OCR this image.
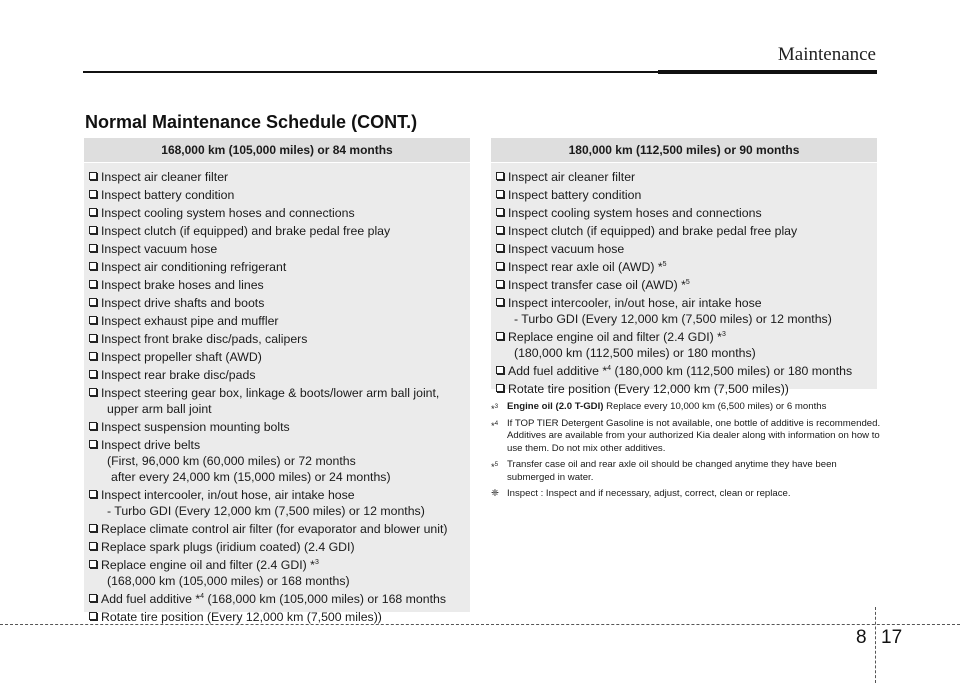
Maintenance
Normal Maintenance Schedule (CONT.)
168,000 km (105,000 miles) or 84 months
Inspect air cleaner filter
Inspect battery condition
Inspect cooling system hoses and connections
Inspect clutch (if equipped) and brake pedal free play
Inspect vacuum hose
Inspect air conditioning refrigerant
Inspect brake hoses and lines
Inspect drive shafts and boots
Inspect exhaust pipe and muffler
Inspect front brake disc/pads, calipers
Inspect propeller shaft (AWD)
Inspect rear brake disc/pads
Inspect steering gear box, linkage & boots/lower arm ball joint,
upper arm ball joint
Inspect suspension mounting bolts
Inspect drive belts
(First, 96,000 km (60,000 miles) or 72 months
after every 24,000 km (15,000 miles) or 24 months)
Inspect intercooler, in/out hose, air intake hose
- Turbo GDI (Every 12,000 km (7,500 miles) or 12 months)
Replace climate control air filter (for evaporator and blower unit)
Replace spark plugs (iridium coated) (2.4 GDI)
Replace engine oil and filter (2.4 GDI) *$^3$
(168,000 km (105,000 miles) or 168 months)
Add fuel additive *$^4$ (168,000 km (105,000 miles) or 168 months
Rotate tire position (Every 12,000 km (7,500 miles))
180,000 km (112,500 miles) or 90 months
Inspect air cleaner filter
Inspect battery condition
Inspect cooling system hoses and connections
Inspect clutch (if equipped) and brake pedal free play
Inspect vacuum hose
Inspect rear axle oil (AWD) *$^5$
Inspect transfer case oil (AWD) *$^5$
Inspect intercooler, in/out hose, air intake hose
- Turbo GDI (Every 12,000 km (7,500 miles) or 12 months)
Replace engine oil and filter (2.4 GDI) *$^3$
(180,000 km (112,500 miles) or 180 months)
Add fuel additive *$^4$ (180,000 km (112,500 miles) or 180 months
Rotate tire position (Every 12,000 km (7,500 miles))
*$^3$ Engine oil (2.0 T-GDI) Replace every 10,000 km (6,500 miles) or 6 months
*$^4$ If TOP TIER Detergent Gasoline is not available, one bottle of additive is recommended. Additives are available from your authorized Kia dealer along with information on how to use them. Do not mix other additives.
*$^5$ Transfer case oil and rear axle oil should be changed anytime they have been submerged in water.
❈ Inspect : Inspect and if necessary, adjust, correct, clean or replace.
8 17
